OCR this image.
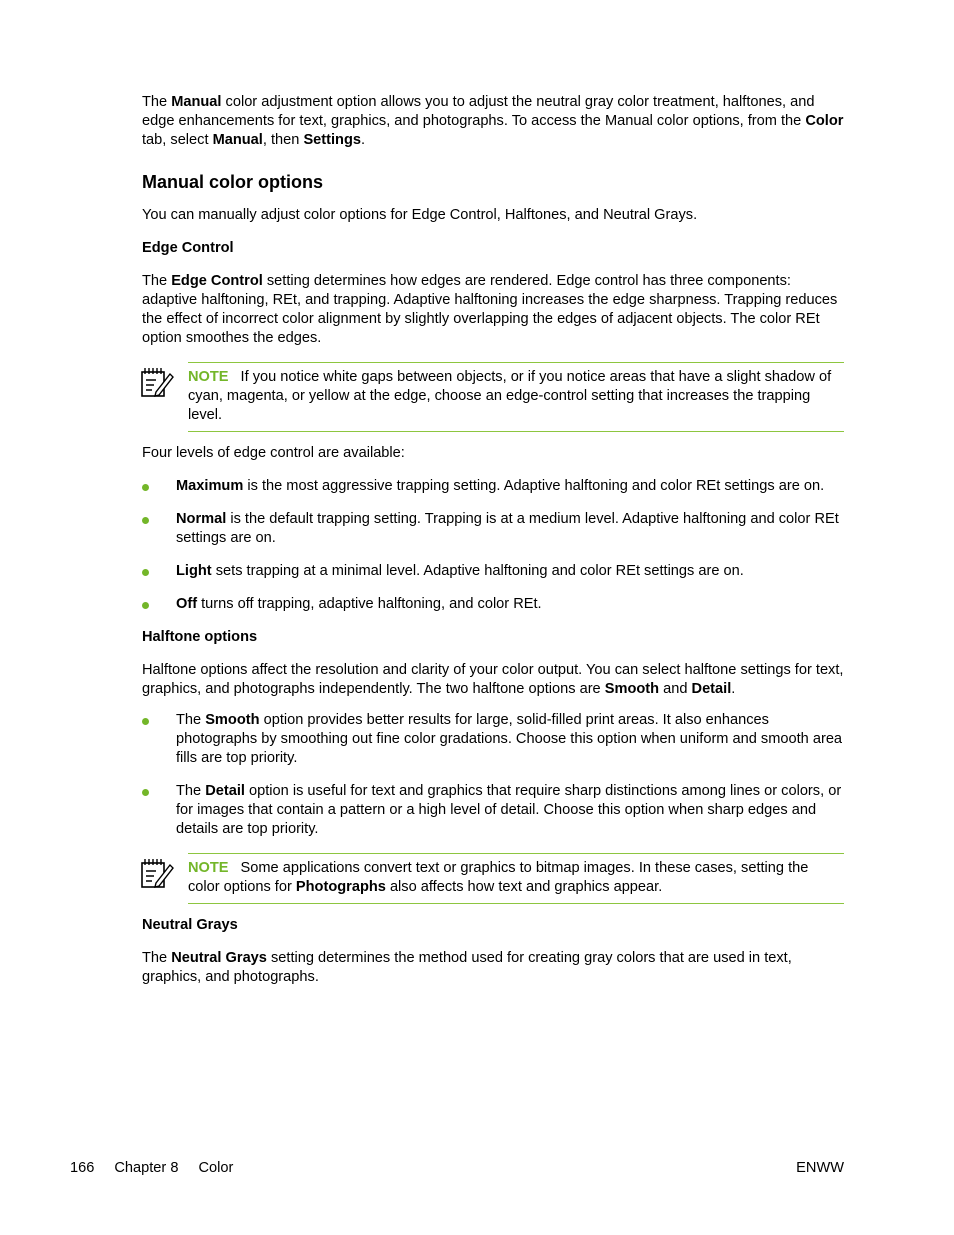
The Manual color adjustment option allows you to adjust the neutral gray color treatment, halftones, and edge enhancements for text, graphics, and photographs. To access the Manual color options, from the Color tab, select Manual, then Settings.

Manual color options

You can manually adjust color options for Edge Control, Halftones, and Neutral Grays.

Edge Control

The Edge Control setting determines how edges are rendered. Edge control has three components: adaptive halftoning, REt, and trapping. Adaptive halftoning increases the edge sharpness. Trapping reduces the effect of incorrect color alignment by slightly overlapping the edges of adjacent objects. The color REt option smoothes the edges.

NOTE If you notice white gaps between objects, or if you notice areas that have a slight shadow of cyan, magenta, or yellow at the edge, choose an edge-control setting that increases the trapping level.

Four levels of edge control are available:

Maximum is the most aggressive trapping setting. Adaptive halftoning and color REt settings are on.
Normal is the default trapping setting. Trapping is at a medium level. Adaptive halftoning and color REt settings are on.
Light sets trapping at a minimal level. Adaptive halftoning and color REt settings are on.
Off turns off trapping, adaptive halftoning, and color REt.
Halftone options

Halftone options affect the resolution and clarity of your color output. You can select halftone settings for text, graphics, and photographs independently. The two halftone options are Smooth and Detail.

The Smooth option provides better results for large, solid-filled print areas. It also enhances photographs by smoothing out fine color gradations. Choose this option when uniform and smooth area fills are top priority.
The Detail option is useful for text and graphics that require sharp distinctions among lines or colors, or for images that contain a pattern or a high level of detail. Choose this option when sharp edges and details are top priority.
NOTE Some applications convert text or graphics to bitmap images. In these cases, setting the color options for Photographs also affects how text and graphics appear.
Neutral Grays

The Neutral Grays setting determines the method used for creating gray colors that are used in text, graphics, and photographs.

166 Chapter 8 Color	ENWW
